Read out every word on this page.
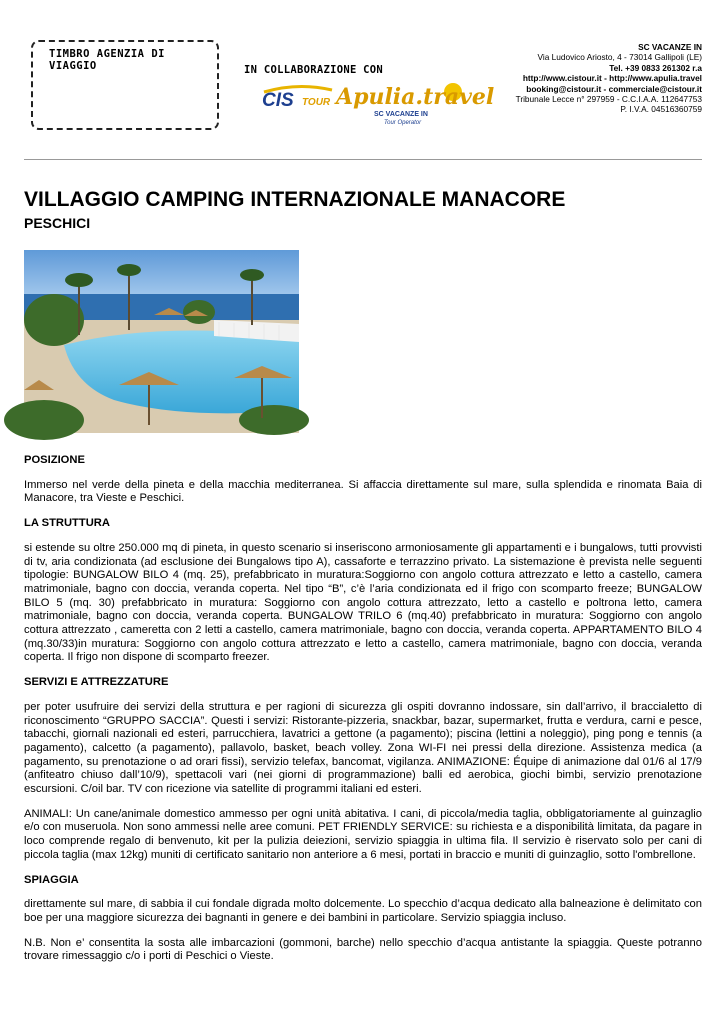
TIMBRO AGENZIA DI VIAGGIO	IN COLLABORAZIONE CON
CIS TOUR Apulia.travel
SC VACANZE IN
Tour Operator
SC VACANZE IN
Via Ludovico Ariosto, 4 - 73014 Gallipoli (LE)
Tel. +39 0833 261302 r.a
http://www.cistour.it - http://www.apulia.travel
booking@cistour.it - commerciale@cistour.it
Tribunale Lecce n° 297959 - C.C.I.A.A. 112647753
P. I.V.A. 04516360759
VILLAGGIO CAMPING INTERNAZIONALE MANACORE
PESCHICI
POSIZIONE

Immerso nel verde della pineta e della macchia mediterranea. Si affaccia direttamente sul mare, sulla splendida e rinomata Baia di Manacore, tra Vieste e Peschici.

LA STRUTTURA

si estende su oltre 250.000 mq di pineta, in questo scenario si inseriscono armoniosamente gli appartamenti e i bungalows, tutti provvisti di tv, aria condizionata (ad esclusione dei Bungalows tipo A), cassaforte e terrazzino privato. La sistemazione è prevista nelle seguenti tipologie: BUNGALOW BILO 4 (mq. 25), prefabbricato in muratura:Soggiorno con angolo cottura attrezzato e letto a castello, camera matrimoniale, bagno con doccia, veranda coperta. Nel tipo “B”, c’è l’aria condizionata ed il frigo con scomparto freeze; BUNGALOW BILO 5 (mq. 30) prefabbricato in muratura: Soggiorno con angolo cottura attrezzato, letto a castello e poltrona letto, camera matrimoniale, bagno con doccia, veranda coperta. BUNGALOW TRILO 6 (mq.40) prefabbricato in muratura: Soggiorno con angolo cottura attrezzato , cameretta con 2 letti a castello, camera matrimoniale, bagno con doccia, veranda coperta. APPARTAMENTO BILO 4 (mq.30/33)in muratura: Soggiorno con angolo cottura attrezzato e letto a castello, camera matrimoniale, bagno con doccia, veranda coperta. Il frigo non dispone di scomparto freezer.

SERVIZI E ATTREZZATURE

per poter usufruire dei servizi della struttura e per ragioni di sicurezza gli ospiti dovranno indossare, sin dall’arrivo, il braccialetto di riconoscimento “GRUPPO SACCIA”. Questi i servizi: Ristorante-pizzeria, snackbar, bazar, supermarket, frutta e verdura, carni e pesce, tabacchi, giornali nazionali ed esteri, parrucchiera, lavatrici a gettone (a pagamento); piscina (lettini a noleggio), ping pong e tennis (a pagamento), calcetto (a pagamento), pallavolo, basket, beach volley. Zona WI-FI nei pressi della direzione. Assistenza medica (a pagamento, su prenotazione o ad orari fissi), servizio telefax, bancomat, vigilanza. ANIMAZIONE: Équipe di animazione dal 01/6 al 17/9 (anfiteatro chiuso dall’10/9), spettacoli vari (nei giorni di programmazione) balli ed aerobica, giochi bimbi, servizio prenotazione escursioni. C/oil bar. TV con ricezione via satellite di programmi italiani ed esteri.

ANIMALI: Un cane/animale domestico ammesso per ogni unità abitativa. I cani, di piccola/media taglia, obbligatoriamente al guinzaglio e/o con museruola. Non sono ammessi nelle aree comuni. PET FRIENDLY SERVICE: su richiesta e a disponibilità limitata, da pagare in loco comprende regalo di benvenuto, kit per la pulizia deiezioni, servizio spiaggia in ultima fila. Il servizio è riservato solo per cani di piccola taglia (max 12kg) muniti di certificato sanitario non anteriore a 6 mesi, portati in braccio e muniti di guinzaglio, sotto l'ombrellone.

SPIAGGIA

direttamente sul mare, di sabbia il cui fondale digrada molto dolcemente. Lo specchio d’acqua dedicato alla balneazione è delimitato con boe per una maggiore sicurezza dei bagnanti in genere e dei bambini in particolare. Servizio spiaggia incluso.

N.B. Non e’ consentita la sosta alle imbarcazioni (gommoni, barche) nello specchio d’acqua antistante la spiaggia. Queste potranno trovare rimessaggio c/o i porti di Peschici o Vieste.
